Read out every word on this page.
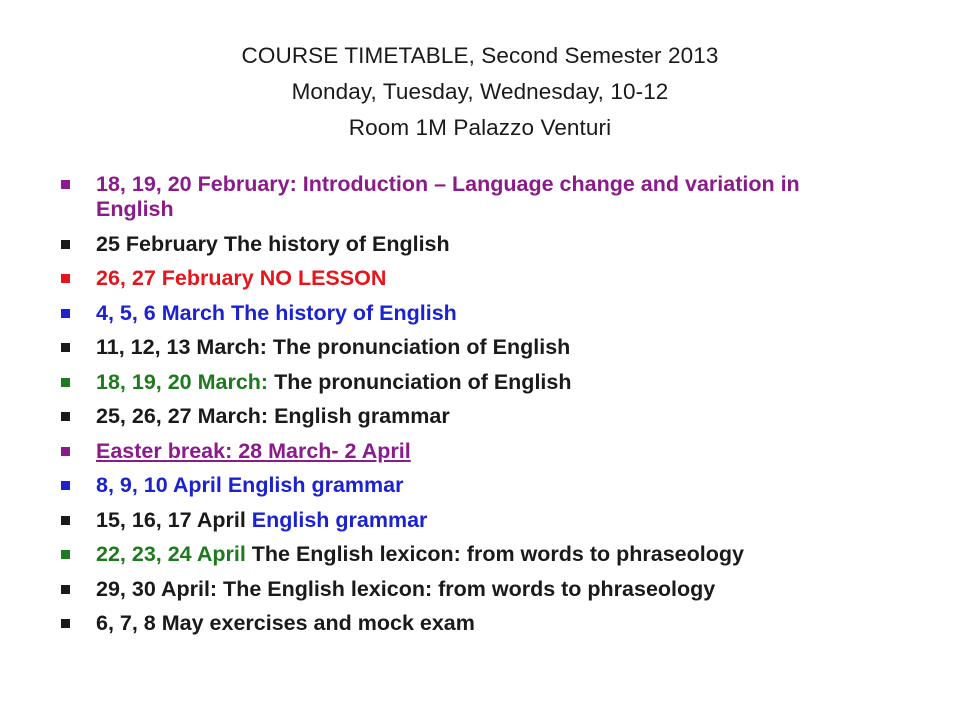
COURSE TIMETABLE, Second Semester 2013
Monday, Tuesday, Wednesday, 10-12
Room 1M Palazzo Venturi
18, 19, 20 February: Introduction – Language change and variation in English
25 February The history of English
26, 27 February NO LESSON
4, 5, 6 March The history of English
11, 12, 13 March: The pronunciation of English
18, 19, 20 March: The pronunciation of English
25, 26, 27 March: English grammar
Easter break: 28 March- 2 April
8, 9, 10 April English grammar
15, 16, 17 April English grammar
22, 23, 24 April The English lexicon: from words to phraseology
29, 30 April: The English lexicon: from words to phraseology
6, 7, 8 May exercises and mock exam
